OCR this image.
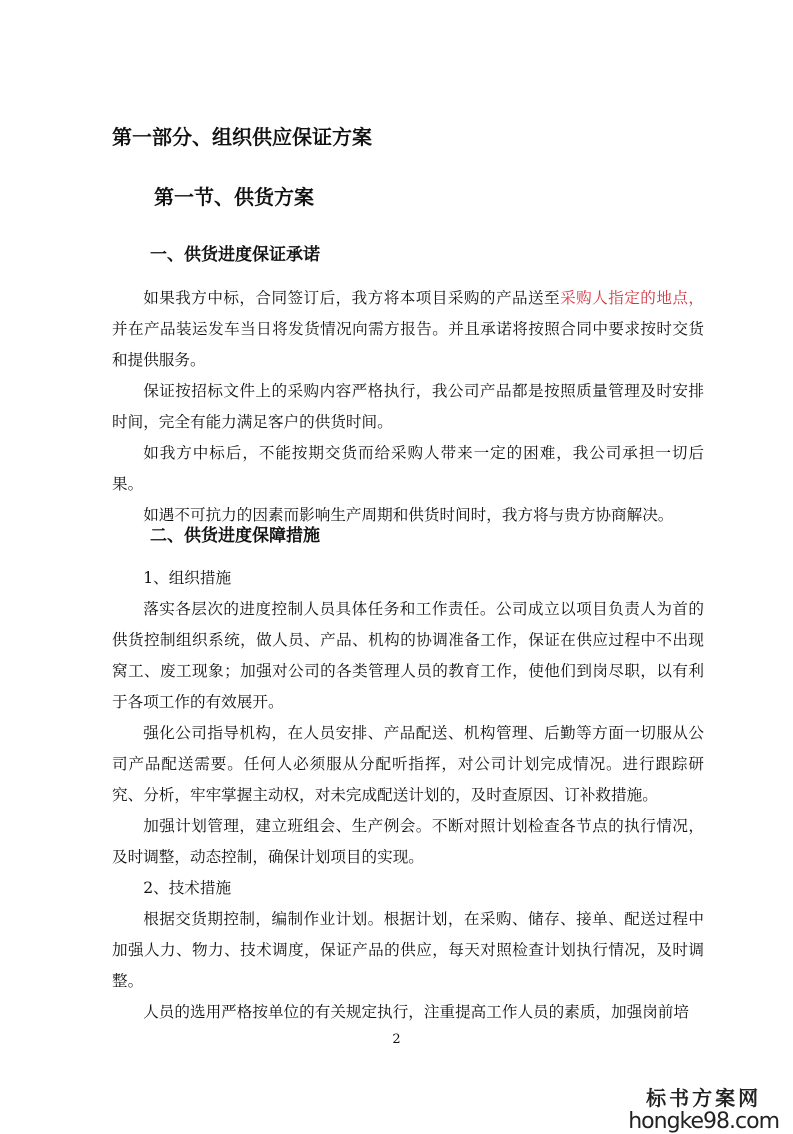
第一部分、组织供应保证方案
第一节、供货方案
一、供货进度保证承诺

如果我方中标，合同签订后，我方将本项目采购的产品送至采购人指定的地点，并在产品装运发车当日将发货情况向需方报告。并且承诺将按照合同中要求按时交货和提供服务。

保证按招标文件上的采购内容严格执行，我公司产品都是按照质量管理及时安排时间，完全有能力满足客户的供货时间。

如我方中标后，不能按期交货而给采购人带来一定的困难，我公司承担一切后果。

如遇不可抗力的因素而影响生产周期和供货时间时，我方将与贵方协商解决。

二、供货进度保障措施

1、组织措施

落实各层次的进度控制人员具体任务和工作责任。公司成立以项目负责人为首的供货控制组织系统，做人员、产品、机构的协调准备工作，保证在供应过程中不出现窝工、废工现象；加强对公司的各类管理人员的教育工作，使他们到岗尽职，以有利于各项工作的有效展开。

强化公司指导机构，在人员安排、产品配送、机构管理、后勤等方面一切服从公司产品配送需要。任何人必须服从分配听指挥，对公司计划完成情况。进行跟踪研究、分析，牢牢掌握主动权，对未完成配送计划的，及时查原因、订补救措施。

加强计划管理，建立班组会、生产例会。不断对照计划检查各节点的执行情况，及时调整，动态控制，确保计划项目的实现。

2、技术措施

根据交货期控制，编制作业计划。根据计划，在采购、储存、接单、配送过程中加强人力、物力、技术调度，保证产品的供应，每天对照检查计划执行情况，及时调整。

人员的选用严格按单位的有关规定执行，注重提高工作人员的素质，加强岗前培

2
标书方案网
hongke98.com
